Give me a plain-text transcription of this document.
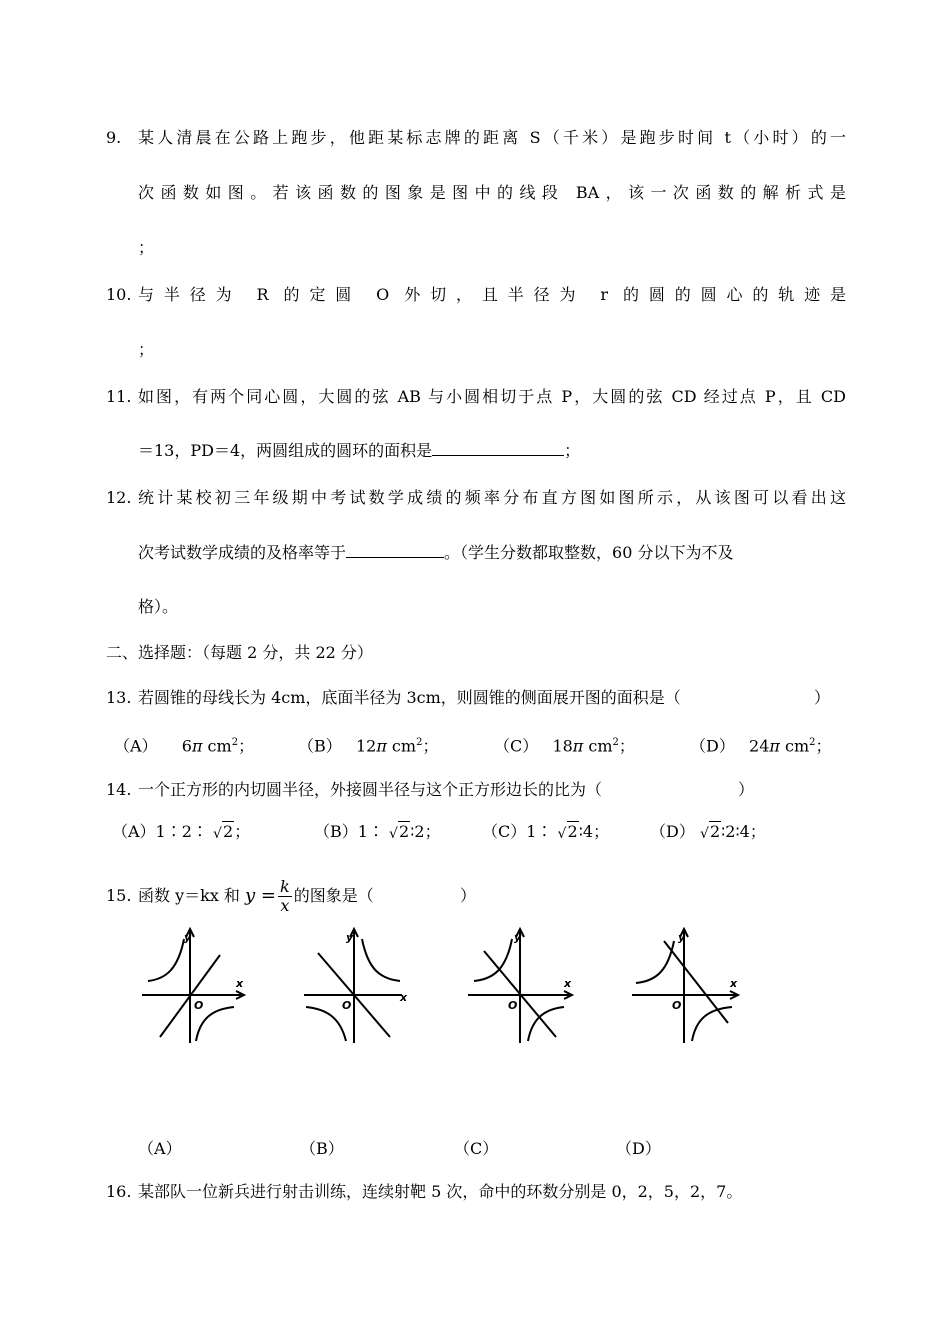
9. 某人清晨在公路上跑步，他距某标志牌的距离 S（千米）是跑步时间 t（小时）的一
次函数如图。若该函数的图象是图中的线段 BA，该一次函数的解析式是
；
10. 与半径为 R 的定圆 O 外切，且半径为 r 的圆的圆心的轨迹是
；
11. 如图，有两个同心圆，大圆的弦 AB 与小圆相切于点 P，大圆的弦 CD 经过点 P，且 CD
＝13，PD＝4，两圆组成的圆环的面积是	；
12. 统计某校初三年级期中考试数学成绩的频率分布直方图如图所示，从该图可以看出这
次考试数学成绩的及格率等于	。（学生分数都取整数，60 分以下为不及
格）。
二、选择题：（每题 2 分，共 22 分）
13. 若圆锥的母线长为 4cm，底面半径为 3cm，则圆锥的侧面展开图的面积是（	）
（A） 6π $cm^2$；	（B） 12π $cm^2$；	（C） 18π $cm^2$；	（D） 24π $cm^2$；
14. 一个正方形的内切圆半径，外接圆半径与这个正方形边长的比为（	）
（A）1∶2∶ √ 2；	（B）1∶ √ 2∶2；	（C）1∶ √ 2∶4；	（D） √ 2∶2∶4；
15. 函数 y＝kx 和 $y = \frac{k}{x}$ 的图象是（	）
y
x
O
y
x
O
y
x
O
y
x
O
（A）	（B）	（C）	（D）
16. 某部队一位新兵进行射击训练，连续射靶 5 次，命中的环数分别是 0，2，5，2，7。
